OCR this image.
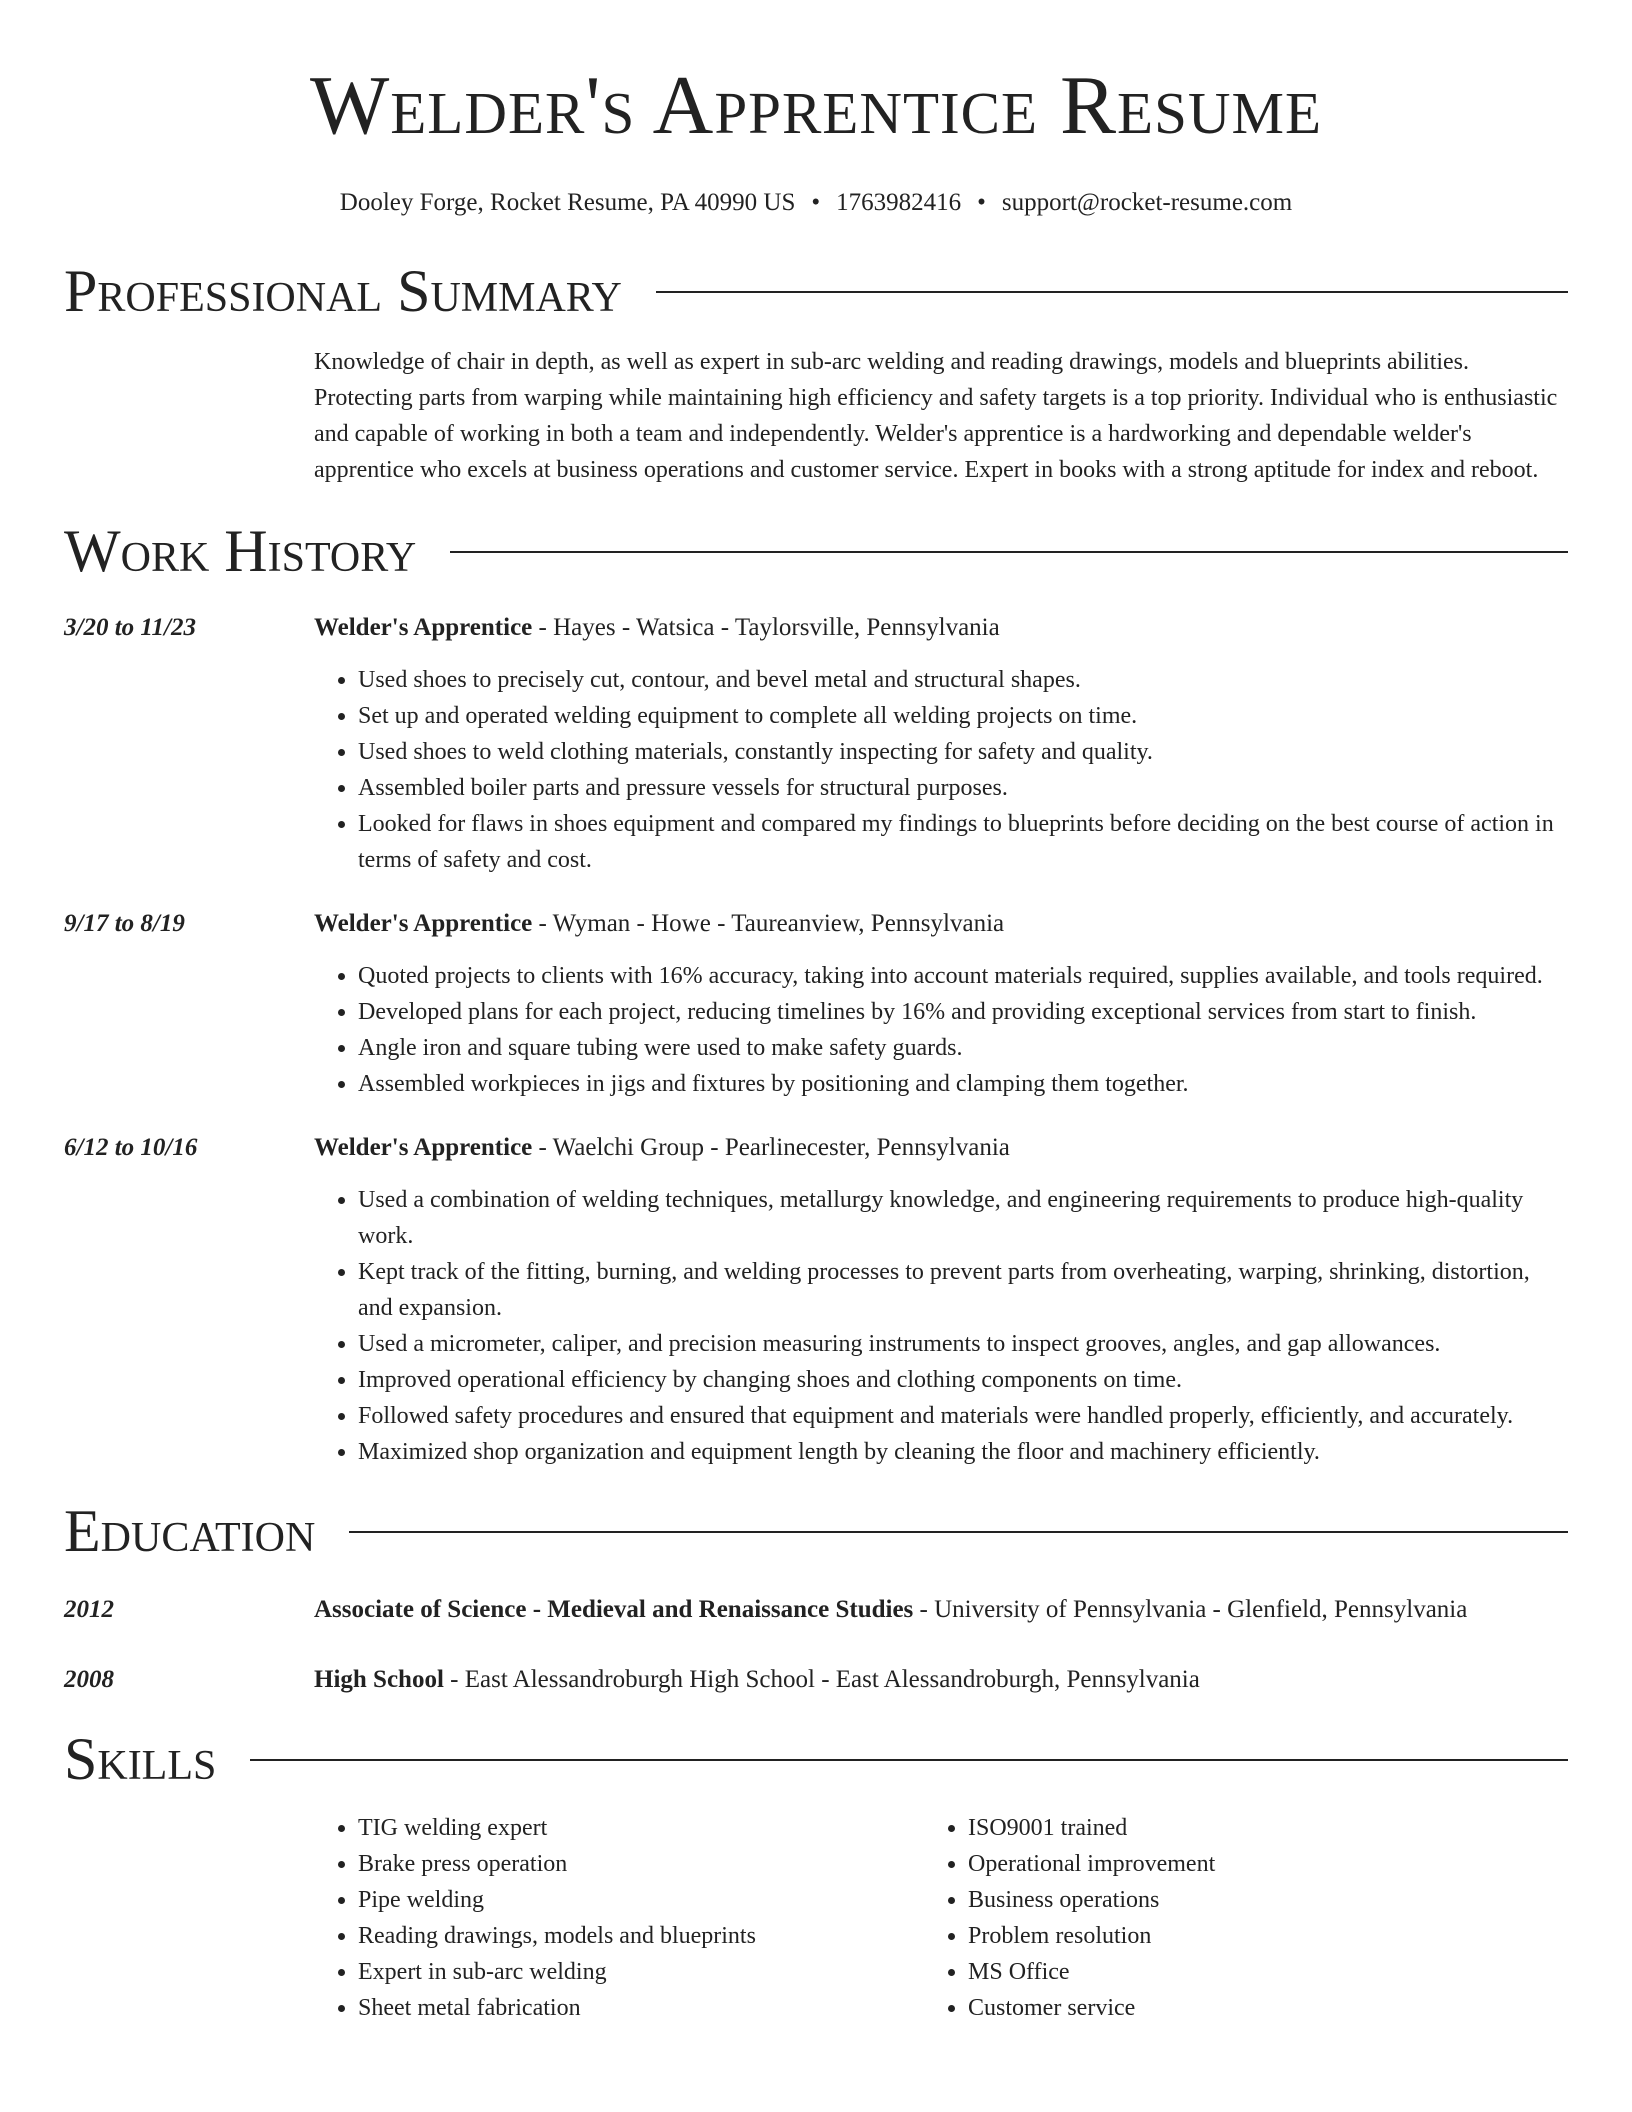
Welder's Apprentice Resume
Dooley Forge, Rocket Resume, PA 40990 US • 1763982416 • support@rocket-resume.com
Professional Summary
Knowledge of chair in depth, as well as expert in sub-arc welding and reading drawings, models and blueprints abilities. Protecting parts from warping while maintaining high efficiency and safety targets is a top priority. Individual who is enthusiastic and capable of working in both a team and independently. Welder's apprentice is a hardworking and dependable welder's apprentice who excels at business operations and customer service. Expert in books with a strong aptitude for index and reboot.
Work History
3/20 to 11/23	Welder's Apprentice - Hayes - Watsica - Taylorsville, Pennsylvania
• Used shoes to precisely cut, contour, and bevel metal and structural shapes.
• Set up and operated welding equipment to complete all welding projects on time.
• Used shoes to weld clothing materials, constantly inspecting for safety and quality.
• Assembled boiler parts and pressure vessels for structural purposes.
• Looked for flaws in shoes equipment and compared my findings to blueprints before deciding on the best course of action in terms of safety and cost.
9/17 to 8/19	Welder's Apprentice - Wyman - Howe - Taureanview, Pennsylvania
• Quoted projects to clients with 16% accuracy, taking into account materials required, supplies available, and tools required.
• Developed plans for each project, reducing timelines by 16% and providing exceptional services from start to finish.
• Angle iron and square tubing were used to make safety guards.
• Assembled workpieces in jigs and fixtures by positioning and clamping them together.
6/12 to 10/16	Welder's Apprentice - Waelchi Group - Pearlinecester, Pennsylvania
• Used a combination of welding techniques, metallurgy knowledge, and engineering requirements to produce high-quality work.
• Kept track of the fitting, burning, and welding processes to prevent parts from overheating, warping, shrinking, distortion, and expansion.
• Used a micrometer, caliper, and precision measuring instruments to inspect grooves, angles, and gap allowances.
• Improved operational efficiency by changing shoes and clothing components on time.
• Followed safety procedures and ensured that equipment and materials were handled properly, efficiently, and accurately.
• Maximized shop organization and equipment length by cleaning the floor and machinery efficiently.
Education
2012	Associate of Science - Medieval and Renaissance Studies - University of Pennsylvania - Glenfield, Pennsylvania
2008	High School - East Alessandroburgh High School - East Alessandroburgh, Pennsylvania
Skills
• TIG welding expert
• Brake press operation
• Pipe welding
• Reading drawings, models and blueprints
• Expert in sub-arc welding
• Sheet metal fabrication
• ISO9001 trained
• Operational improvement
• Business operations
• Problem resolution
• MS Office
• Customer service
